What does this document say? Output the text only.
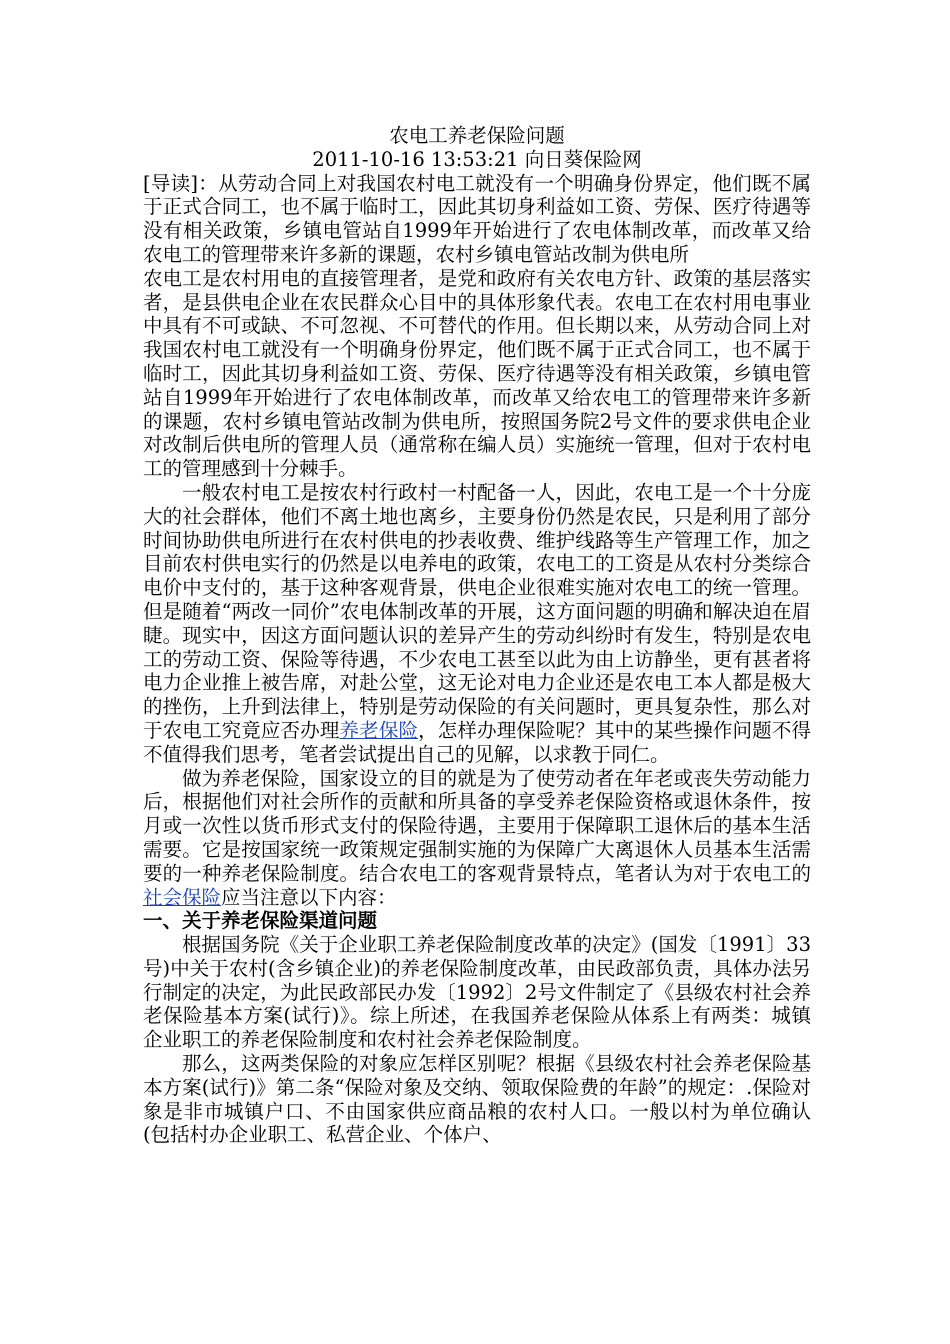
农电工养老保险问题

2011-10-16 13:53:21 向日葵保险网

[导读]：从劳动合同上对我国农村电工就没有一个明确身份界定，他们既不属于正式合同工，也不属于临时工，因此其切身利益如工资、劳保、医疗待遇等没有相关政策，乡镇电管站自1999年开始进行了农电体制改革，而改革又给农电工的管理带来许多新的课题，农村乡镇电管站改制为供电所

农电工是农村用电的直接管理者，是党和政府有关农电方针、政策的基层落实者，是县供电企业在农民群众心目中的具体形象代表。农电工在农村用电事业中具有不可或缺、不可忽视、不可替代的作用。但长期以来，从劳动合同上对我国农村电工就没有一个明确身份界定，他们既不属于正式合同工，也不属于临时工，因此其切身利益如工资、劳保、医疗待遇等没有相关政策，乡镇电管站自1999年开始进行了农电体制改革，而改革又给农电工的管理带来许多新的课题，农村乡镇电管站改制为供电所，按照国务院2号文件的要求供电企业对改制后供电所的管理人员（通常称在编人员）实施统一管理，但对于农村电工的管理感到十分棘手。

一般农村电工是按农村行政村一村配备一人，因此，农电工是一个十分庞大的社会群体，他们不离土地也离乡，主要身份仍然是农民，只是利用了部分时间协助供电所进行在农村供电的抄表收费、维护线路等生产管理工作，加之目前农村供电实行的仍然是以电养电的政策，农电工的工资是从农村分类综合电价中支付的，基于这种客观背景，供电企业很难实施对农电工的统一管理。但是随着“两改一同价”农电体制改革的开展，这方面问题的明确和解决迫在眉睫。现实中，因这方面问题认识的差异产生的劳动纠纷时有发生，特别是农电工的劳动工资、保险等待遇，不少农电工甚至以此为由上访静坐，更有甚者将电力企业推上被告席，对赴公堂，这无论对电力企业还是农电工本人都是极大的挫伤，上升到法律上，特别是劳动保险的有关问题时，更具复杂性，那么对于农电工究竟应否办理养老保险，怎样办理保险呢？其中的某些操作问题不得不值得我们思考，笔者尝试提出自己的见解，以求教于同仁。

做为养老保险，国家设立的目的就是为了使劳动者在年老或丧失劳动能力后，根据他们对社会所作的贡献和所具备的享受养老保险资格或退休条件，按月或一次性以货币形式支付的保险待遇，主要用于保障职工退休后的基本生活需要。它是按国家统一政策规定强制实施的为保障广大离退休人员基本生活需要的一种养老保险制度。结合农电工的客观背景特点，笔者认为对于农电工的社会保险应当注意以下内容：

一、关于养老保险渠道问题

根据国务院《关于企业职工养老保险制度改革的决定》(国发〔1991〕33号)中关于农村(含乡镇企业)的养老保险制度改革，由民政部负责，具体办法另行制定的决定，为此民政部民办发〔1992〕2号文件制定了《县级农村社会养老保险基本方案(试行)》。综上所述，在我国养老保险从体系上有两类：城镇企业职工的养老保险制度和农村社会养老保险制度。

那么，这两类保险的对象应怎样区别呢？根据《县级农村社会养老保险基本方案(试行)》第二条“保险对象及交纳、领取保险费的年龄”的规定：.保险对象是非市城镇户口、不由国家供应商品粮的农村人口。一般以村为单位确认(包括村办企业职工、私营企业、个体户、
